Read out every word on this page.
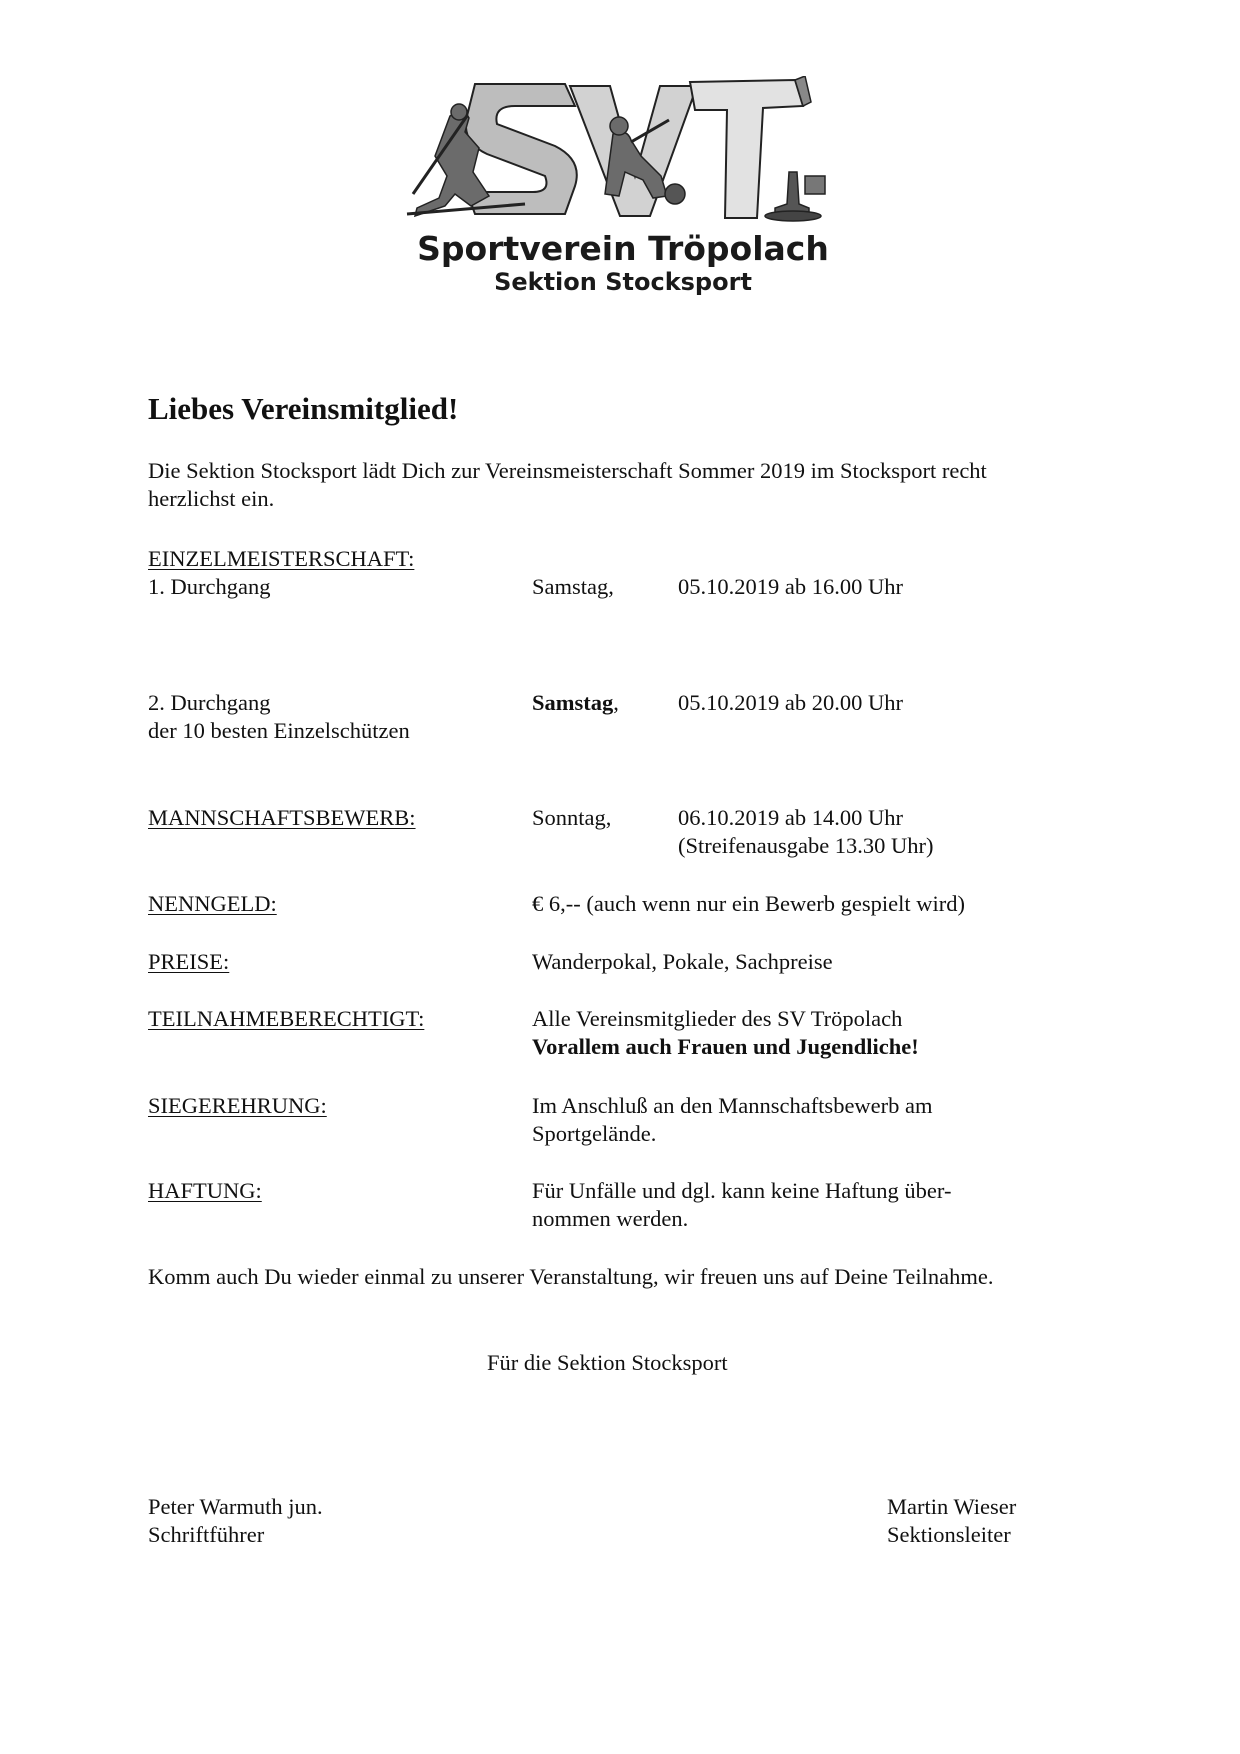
Sportverein Tröpolach
Sektion Stocksport
Liebes Vereinsmitglied!
Die Sektion Stocksport lädt Dich zur Vereinsmeisterschaft Sommer 2019 im Stocksport recht
herzlichst ein.
EINZELMEISTERSCHAFT:
1. Durchgang	Samstag,	05.10.2019 ab 16.00 Uhr
2. Durchgang	Samstag,	05.10.2019 ab 20.00 Uhr
der 10 besten Einzelschützen
MANNSCHAFTSBEWERB:	Sonntag,	06.10.2019 ab 14.00 Uhr
(Streifenausgabe 13.30 Uhr)
NENNGELD:	€ 6,-- (auch wenn nur ein Bewerb gespielt wird)
PREISE:	Wanderpokal, Pokale, Sachpreise
TEILNAHMEBERECHTIGT:	Alle Vereinsmitglieder des SV Tröpolach
Vorallem auch Frauen und Jugendliche!
SIEGEREHRUNG:	Im Anschluß an den Mannschaftsbewerb am
Sportgelände.
HAFTUNG:	Für Unfälle und dgl. kann keine Haftung über-
nommen werden.
Komm auch Du wieder einmal zu unserer Veranstaltung, wir freuen uns auf Deine Teilnahme.
Für die Sektion Stocksport
Peter Warmuth jun.
Schriftführer
Martin Wieser
Sektionsleiter
